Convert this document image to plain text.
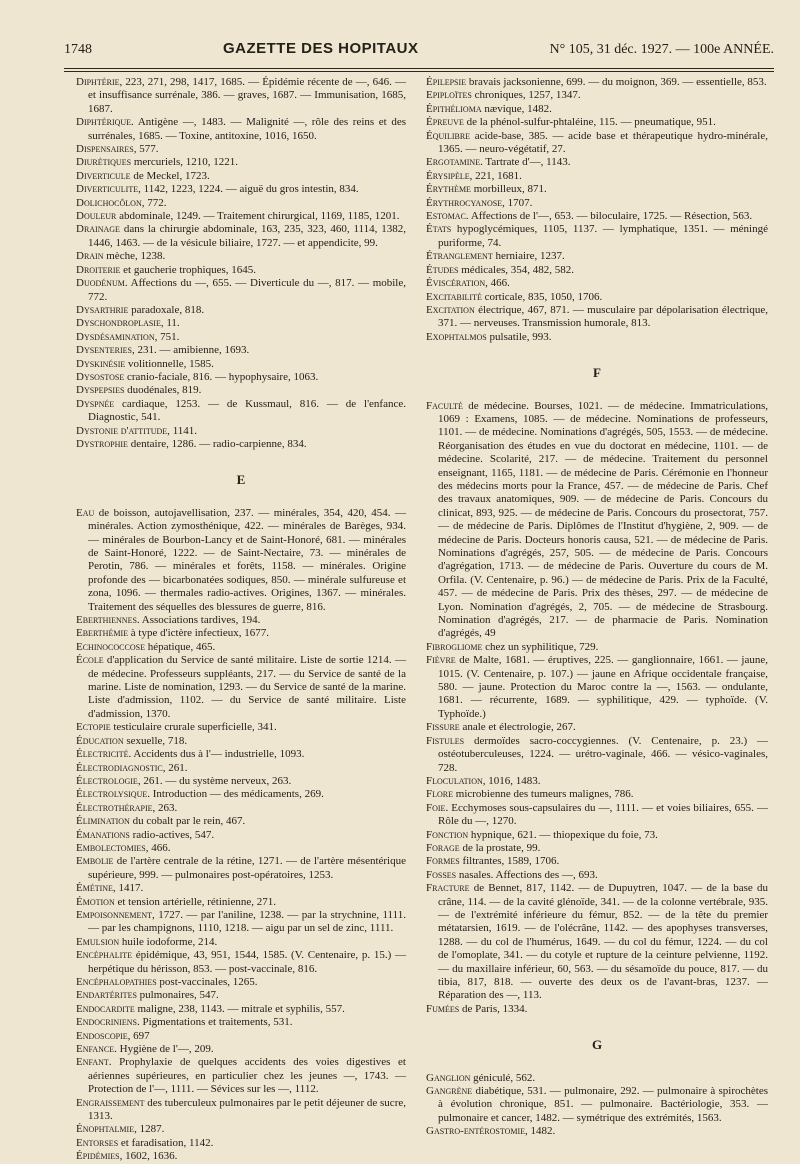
1748	GAZETTE DES HOPITAUX	N° 105, 31 déc. 1927. — 100e ANNÉE.

Diphtérie, 223, 271, 298, 1417, 1685. — Épidémie récente de —, 646. — et insuffisance surrénale, 386. — graves, 1687. — Immunisation, 1685, 1687.

Diphtérique. Antigène —, 1483. — Malignité —, rôle des reins et des surrénales, 1685. — Toxine, antitoxine, 1016, 1650.

Dispensaires, 577.

Diurétiques mercuriels, 1210, 1221.

Diverticule de Meckel, 1723.

Diverticulite, 1142, 1223, 1224. — aiguë du gros intestin, 834.

Dolichocôlon, 772.

Douleur abdominale, 1249. — Traitement chirurgical, 1169, 1185, 1201.

Drainage dans la chirurgie abdominale, 163, 235, 323, 460, 1114, 1382, 1446, 1463. — de la vésicule biliaire, 1727. — et appendicite, 99.

Drain mèche, 1238.

Droiterie et gaucherie trophiques, 1645.

Duodénum. Affections du —, 655. — Diverticule du —, 817. — mobile, 772.

Dysarthrie paradoxale, 818.

Dyschondroplasie, 11.

Dysdésamination, 751.

Dysenteries, 231. — amibienne, 1693.

Dyskinésie volitionnelle, 1585.

Dysostose cranio-faciale, 816. — hypophysaire, 1063.

Dyspepsies duodénales, 819.

Dyspnée cardiaque, 1253. — de Kussmaul, 816. — de l'enfance. Diagnostic, 541.

Dystonie d'attitude, 1141.

Dystrophie dentaire, 1286. — radio-carpienne, 834.

E

Eau de boisson, autojavellisation, 237. — minérales, 354, 420, 454. — minérales. Action zymosthénique, 422. — minérales de Barèges, 934. — minérales de Bourbon-Lancy et de Saint-Honoré, 681. — minérales de Saint-Honoré, 1222. — de Saint-Nectaire, 73. — minérales de Perotin, 786. — minérales et forêts, 1158. — minérales. Origine profonde des — bicarbonatées sodiques, 850. — minérale sulfureuse et zona, 1096. — thermales radio-actives. Origines, 1367. — minérales. Traitement des séquelles des blessures de guerre, 816.

Eberthiennes. Associations tardives, 194.

Eberthémie à type d'ictère infectieux, 1677.

Echinococcose hépatique, 465.

École d'application du Service de santé militaire. Liste de sortie 1214. — de médecine. Professeurs suppléants, 217. — du Service de santé de la marine. Liste de nomination, 1293. — du Service de santé de la marine. Liste d'admission, 1102. — du Service de santé militaire. Liste d'admission, 1370.

Ectopie testiculaire crurale superficielle, 341.

Éducation sexuelle, 718.

Électricité. Accidents dus à l'— industrielle, 1093.

Électrodiagnostic, 261.

Électrologie, 261. — du système nerveux, 263.

Électrolysique. Introduction — des médicaments, 269.

Électrothérapie, 263.

Élimination du cobalt par le rein, 467.

Émanations radio-actives, 547.

Embolectomies, 466.

Embolie de l'artère centrale de la rétine, 1271. — de l'artère mésentérique supérieure, 999. — pulmonaires post-opératoires, 1253.

Émétine, 1417.

Émotion et tension artérielle, rétinienne, 271.

Empoisonnement, 1727. — par l'aniline, 1238. — par la strychnine, 1111. — par les champignons, 1110, 1218. — aigu par un sel de zinc, 1111.

Emulsion huile iodoforme, 214.

Encéphalite épidémique, 43, 951, 1544, 1585. (V. Centenaire, p. 15.) — herpétique du hérisson, 853. — post-vaccinale, 816.

Encéphalopathies post-vaccinales, 1265.

Endartérites pulmonaires, 547.

Endocardite maligne, 238, 1143. — mitrale et syphilis, 557.

Endocriniens. Pigmentations et traitements, 531.

Endoscopie, 697

Enfance. Hygiène de l'—, 209.

Enfant. Prophylaxie de quelques accidents des voies digestives et aériennes supérieures, en particulier chez les jeunes —, 1743. — Protection de l'—, 1111. — Sévices sur les —, 1112.

Engraissement des tuberculeux pulmonaires par le petit déjeuner de sucre, 1313.

Énophtalmie, 1287.

Entorses et faradisation, 1142.

Épidémies, 1602, 1636.

Épilepsie bravais jacksonienne, 699. — du moignon, 369. — essentielle, 853.

Epiploïtes chroniques, 1257, 1347.

Épithélioma nævique, 1482.

Épreuve de la phénol-sulfur-phtaléine, 115. — pneumatique, 951.

Équilibre acide-base, 385. — acide base et thérapeutique hydro-minérale, 1365. — neuro-végétatif, 27.

Ergotamine. Tartrate d'—, 1143.

Érysipèle, 221, 1681.

Érythème morbilleux, 871.

Érythrocyanose, 1707.

Estomac. Affections de l'—, 653. — biloculaire, 1725. — Résection, 563.

États hypoglycémiques, 1105, 1137. — lymphatique, 1351. — méningé puriforme, 74.

Étranglement herniaire, 1237.

Études médicales, 354, 482, 582.

Éviscération, 466.

Excitabilité corticale, 835, 1050, 1706.

Excitation électrique, 467, 871. — musculaire par dépolarisation électrique, 371. — nerveuses. Transmission humorale, 813.

Exophtalmos pulsatile, 993.

F

Faculté de médecine. Bourses, 1021. — de médecine. Immatriculations, 1069 : Examens, 1085. — de médecine. Nominations de professeurs, 1101. — de médecine. Nominations d'agrégés, 505, 1553. — de médecine. Réorganisation des études en vue du doctorat en médecine, 1101. — de médecine. Scolarité, 217. — de médecine. Traitement du personnel enseignant, 1165, 1181. — de médecine de Paris. Cérémonie en l'honneur des médecins morts pour la France, 457. — de médecine de Paris. Chef des travaux anatomiques, 909. — de médecine de Paris. Concours du clinicat, 893, 925. — de médecine de Paris. Concours du prosectorat, 757. — de médecine de Paris. Diplômes de l'Institut d'hygiène, 2, 909. — de médecine de Paris. Docteurs honoris causa, 521. — de médecine de Paris. Nominations d'agrégés, 257, 505. — de médecine de Paris. Concours d'agrégation, 1713. — de médecine de Paris. Ouverture du cours de M. Orfila. (V. Centenaire, p. 96.) — de médecine de Paris. Prix de la Faculté, 457. — de médecine de Paris. Prix des thèses, 297. — de médecine de Lyon. Nomination d'agrégés, 2, 705. — de médecine de Strasbourg. Nomination d'agrégés, 217. — de pharmacie de Paris. Nomination d'agrégés, 49

Fibrogliome chez un syphilitique, 729.

Fièvre de Malte, 1681. — éruptives, 225. — ganglionnaire, 1661. — jaune, 1015. (V. Centenaire, p. 107.) — jaune en Afrique occidentale française, 580. — jaune. Protection du Maroc contre la —, 1563. — ondulante, 1681. — récurrente, 1689. — syphilitique, 429. — typhoïde. (V. Typhoïde.)

Fissure anale et électrologie, 267.

Fistules dermoïdes sacro-coccygiennes. (V. Centenaire, p. 23.) — ostéotuberculeuses, 1224. — urétro-vaginale, 466. — vésico-vaginales, 728.

Floculation, 1016, 1483.

Flore microbienne des tumeurs malignes, 786.

Foie. Ecchymoses sous-capsulaires du —, 1111. — et voies biliaires, 655. — Rôle du —, 1270.

Fonction hypnique, 621. — thiopexique du foie, 73.

Forage de la prostate, 99.

Formes filtrantes, 1589, 1706.

Fosses nasales. Affections des —, 693.

Fracture de Bennet, 817, 1142. — de Dupuytren, 1047. — de la base du crâne, 114. — de la cavité glénoïde, 341. — de la colonne vertébrale, 935. — de l'extrémité inférieure du fémur, 852. — de la tête du premier métatarsien, 1619. — de l'olécrâne, 1142. — des apophyses transverses, 1288. — du col de l'humérus, 1649. — du col du fémur, 1224. — du col de l'omoplate, 341. — du cotyle et rupture de la ceinture pelvienne, 1192. — du maxillaire inférieur, 60, 563. — du sésamoïde du pouce, 817. — du tibia, 817, 818. — ouverte des deux os de l'avant-bras, 1237. — Réparation des —, 113.

Fumées de Paris, 1334.

G

Ganglion géniculé, 562.

Gangrène diabétique, 531. — pulmonaire, 292. — pulmonaire à spirochètes à évolution chronique, 851. — pulmonaire. Bactériologie, 353. — pulmonaire et cancer, 1482. — symétrique des extrémités, 1563.

Gastro-entérostomie, 1482.
